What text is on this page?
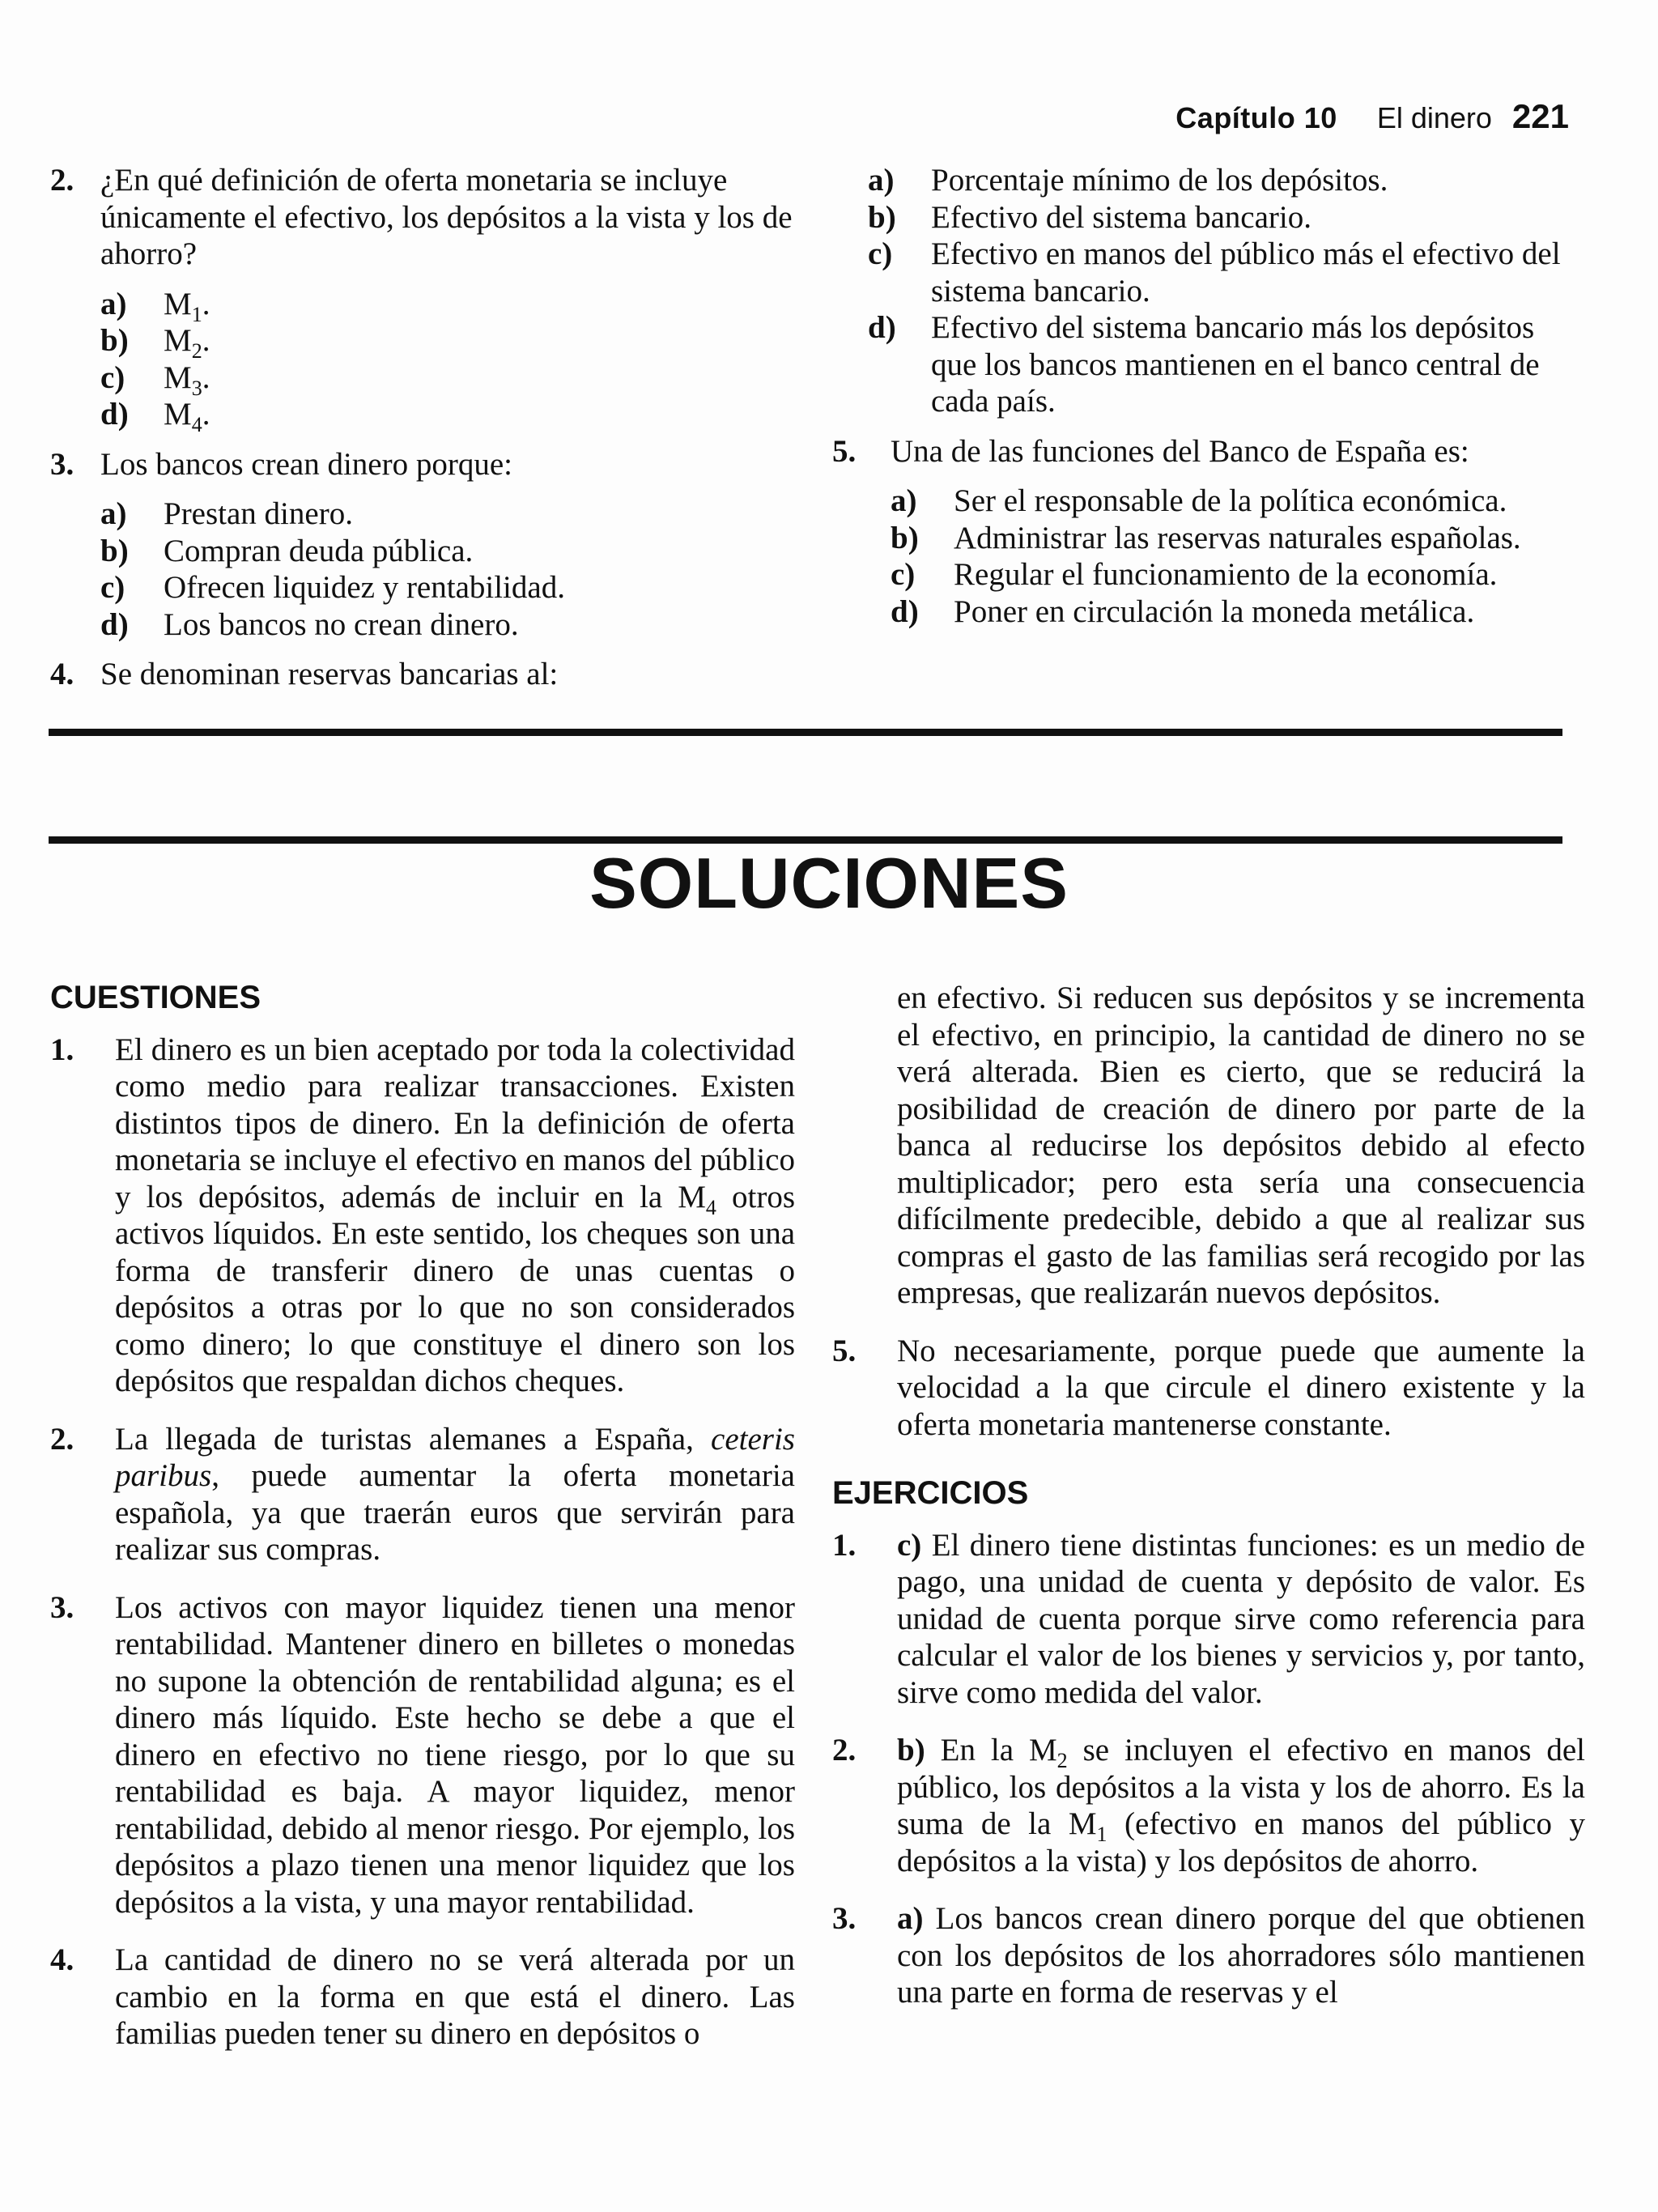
Capítulo 10 El dinero 221
2. ¿En qué definición de oferta monetaria se incluye únicamente el efectivo, los depósitos a la vista y los de ahorro?
a)	$M_1$.
b)	$M_2$.
c)	$M_3$.
d)	$M_4$.
3. Los bancos crean dinero porque:
a)	Prestan dinero.
b)	Compran deuda pública.
c)	Ofrecen liquidez y rentabilidad.
d)	Los bancos no crean dinero.
4. Se denominan reservas bancarias al:
a)	Porcentaje mínimo de los depósitos.
b)	Efectivo del sistema bancario.
c)	Efectivo en manos del público más el efectivo del sistema bancario.
d)	Efectivo del sistema bancario más los depósitos que los bancos mantienen en el banco central de cada país.
5.	Una de las funciones del Banco de España es:
a)	Ser el responsable de la política económica.
b)	Administrar las reservas naturales españolas.
c)	Regular el funcionamiento de la economía.
d)	Poner en circulación la moneda metálica.
SOLUCIONES
CUESTIONES
1.	El dinero es un bien aceptado por toda la colectividad como medio para realizar transacciones. Existen distintos tipos de dinero. En la definición de oferta monetaria se incluye el efectivo en manos del público y los depósitos, además de incluir en la $M_4$ otros activos líquidos. En este sentido, los cheques son una forma de transferir dinero de unas cuentas o depósitos a otras por lo que no son considerados como dinero; lo que constituye el dinero son los depósitos que respaldan dichos cheques.
2.	La llegada de turistas alemanes a España, ceteris paribus, puede aumentar la oferta monetaria española, ya que traerán euros que servirán para realizar sus compras.
3.	Los activos con mayor liquidez tienen una menor rentabilidad. Mantener dinero en billetes o monedas no supone la obtención de rentabilidad alguna; es el dinero más líquido. Este hecho se debe a que el dinero en efectivo no tiene riesgo, por lo que su rentabilidad es baja. A mayor liquidez, menor rentabilidad, debido al menor riesgo. Por ejemplo, los depósitos a plazo tienen una menor liquidez que los depósitos a la vista, y una mayor rentabilidad.
4.	La cantidad de dinero no se verá alterada por un cambio en la forma en que está el dinero. Las familias pueden tener su dinero en depósitos o
en efectivo. Si reducen sus depósitos y se incrementa el efectivo, en principio, la cantidad de dinero no se verá alterada. Bien es cierto, que se reducirá la posibilidad de creación de dinero por parte de la banca al reducirse los depósitos debido al efecto multiplicador; pero esta sería una consecuencia difícilmente predecible, debido a que al realizar sus compras el gasto de las familias será recogido por las empresas, que realizarán nuevos depósitos.
5.	No necesariamente, porque puede que aumente la velocidad a la que circule el dinero existente y la oferta monetaria mantenerse constante.
EJERCICIOS
1.	c) El dinero tiene distintas funciones: es un medio de pago, una unidad de cuenta y depósito de valor. Es unidad de cuenta porque sirve como referencia para calcular el valor de los bienes y servicios y, por tanto, sirve como medida del valor.
2.	b) En la $M_2$ se incluyen el efectivo en manos del público, los depósitos a la vista y los de ahorro. Es la suma de la $M_1$ (efectivo en manos del público y depósitos a la vista) y los depósitos de ahorro.
3.	a) Los bancos crean dinero porque del que obtienen con los depósitos de los ahorradores sólo mantienen una parte en forma de reservas y el
